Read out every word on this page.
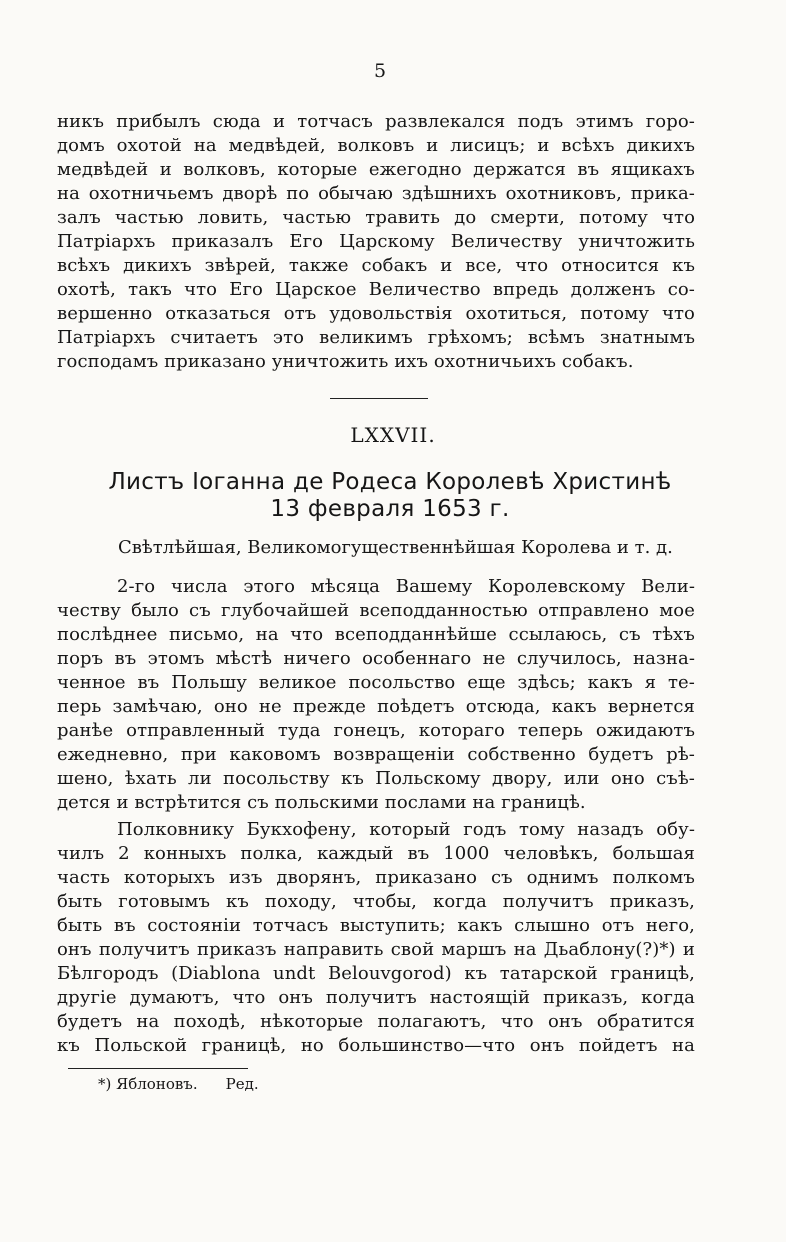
5
никъ прибылъ сюда и тотчасъ развлекался подъ этимъ горо-
домъ охотой на медвѣдей, волковъ и лисицъ; и всѣхъ дикихъ
медвѣдей и волковъ, которые ежегодно держатся въ ящикахъ
на охотничьемъ дворѣ по обычаю здѣшнихъ охотниковъ, прика-
залъ частью ловить, частью травить до смерти, потому что
Патріархъ приказалъ Его Царскому Величеству уничтожить
всѣхъ дикихъ звѣрей, также собакъ и все, что относится къ
охотѣ, такъ что Его Царское Величество впредь долженъ со-
вершенно отказаться отъ удовольствія охотиться, потому что
Патріархъ считаетъ это великимъ грѣхомъ; всѣмъ знатнымъ
господамъ приказано уничтожить ихъ охотничьихъ собакъ.
LXXVII.
Листъ Іоганна де Родеса Королевѣ Христинѣ
13 февраля 1653 г.
Свѣтлѣйшая, Великомогущественнѣйшая Королева и т. д.
2-го числа этого мѣсяца Вашему Королевскому Вели-
честву было съ глубочайшей всеподданностью отправлено мое
послѣднее письмо, на что всеподданнѣйше ссылаюсь, съ тѣхъ
поръ въ этомъ мѣстѣ ничего особеннаго не случилось, назна-
ченное въ Польшу великое посольство еще здѣсь; какъ я те-
перь замѣчаю, оно не прежде поѣдетъ отсюда, какъ вернется
ранѣе отправленный туда гонецъ, котораго теперь ожидаютъ
ежедневно, при каковомъ возвращеніи собственно будетъ рѣ-
шено, ѣхать ли посольству къ Польскому двору, или оно съѣ-
дется и встрѣтится съ польскими послами на границѣ.
Полковнику Букхофену, который годъ тому назадъ обу-
чилъ 2 конныхъ полка, каждый въ 1000 человѣкъ, большая
часть которыхъ изъ дворянъ, приказано съ однимъ полкомъ
быть готовымъ къ походу, чтобы, когда получитъ приказъ,
быть въ состояніи тотчасъ выступить; какъ слышно отъ него,
онъ получитъ приказъ направить свой маршъ на Дьаблону(?)*) и
Бѣлгородъ (Diablona undt Belouvgorod) къ татарской границѣ,
другіе думаютъ, что онъ получитъ настоящій приказъ, когда
будетъ на походѣ, нѣкоторые полагаютъ, что онъ обратится
къ Польской границѣ, но большинство—что онъ пойдетъ на
*) Яблоновъ. Ред.
